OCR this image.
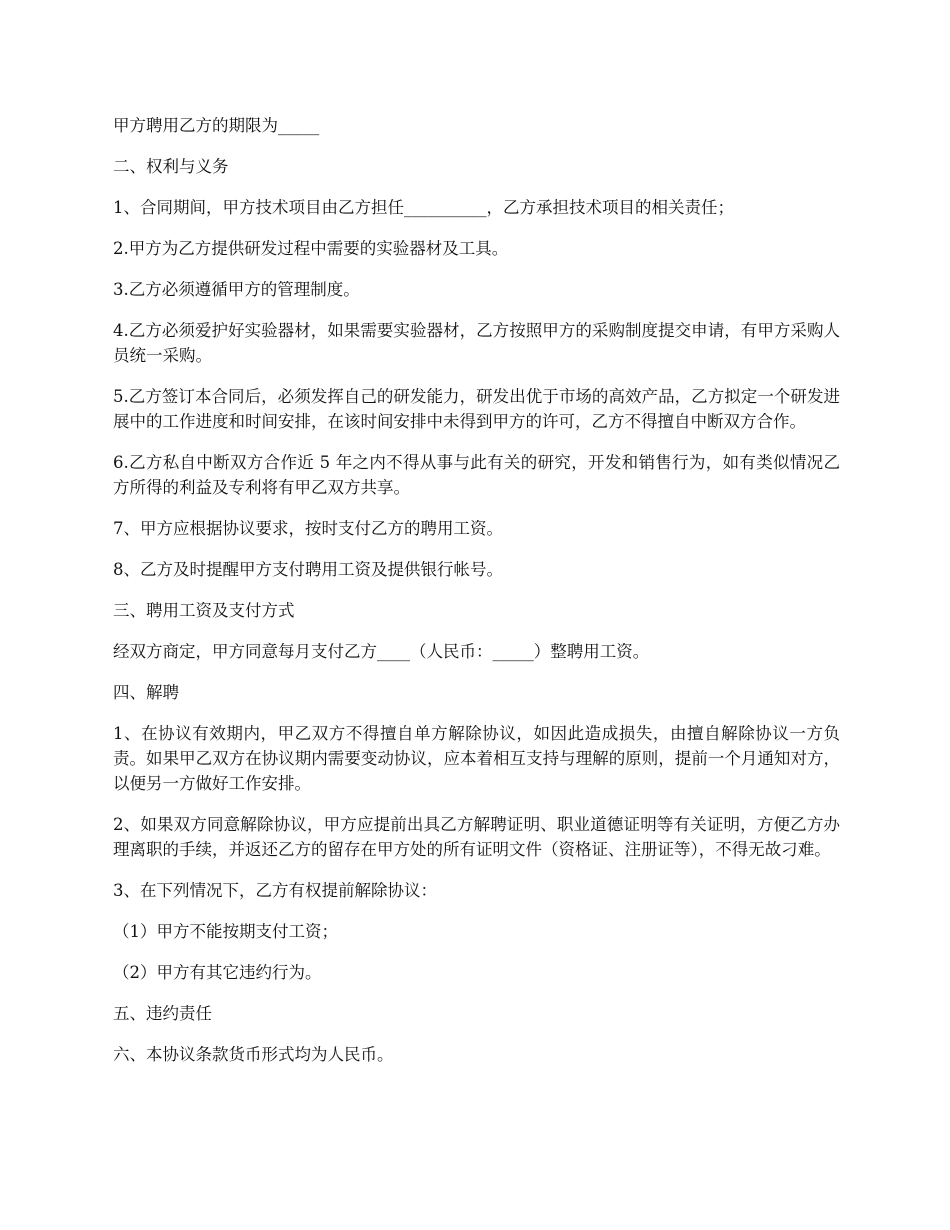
甲方聘用乙方的期限为_____

二、权利与义务

1、合同期间，甲方技术项目由乙方担任__________，乙方承担技术项目的相关责任；

2.甲方为乙方提供研发过程中需要的实验器材及工具。

3.乙方必须遵循甲方的管理制度。

4.乙方必须爱护好实验器材，如果需要实验器材，乙方按照甲方的采购制度提交申请，有甲方采购人员统一采购。

5.乙方签订本合同后，必须发挥自己的研发能力，研发出优于市场的高效产品，乙方拟定一个研发进展中的工作进度和时间安排，在该时间安排中未得到甲方的许可，乙方不得擅自中断双方合作。

6.乙方私自中断双方合作近 5 年之内不得从事与此有关的研究，开发和销售行为，如有类似情况乙方所得的利益及专利将有甲乙双方共享。

7、甲方应根据协议要求，按时支付乙方的聘用工资。

8、乙方及时提醒甲方支付聘用工资及提供银行帐号。

三、聘用工资及支付方式

经双方商定，甲方同意每月支付乙方____（人民币：_____）整聘用工资。

四、解聘

1、在协议有效期内，甲乙双方不得擅自单方解除协议，如因此造成损失，由擅自解除协议一方负责。如果甲乙双方在协议期内需要变动协议，应本着相互支持与理解的原则，提前一个月通知对方，以便另一方做好工作安排。

2、如果双方同意解除协议，甲方应提前出具乙方解聘证明、职业道德证明等有关证明，方便乙方办理离职的手续，并返还乙方的留存在甲方处的所有证明文件（资格证、注册证等），不得无故刁难。

3、在下列情况下，乙方有权提前解除协议：

（1）甲方不能按期支付工资；

（2）甲方有其它违约行为。

五、违约责任

六、本协议条款货币形式均为人民币。
